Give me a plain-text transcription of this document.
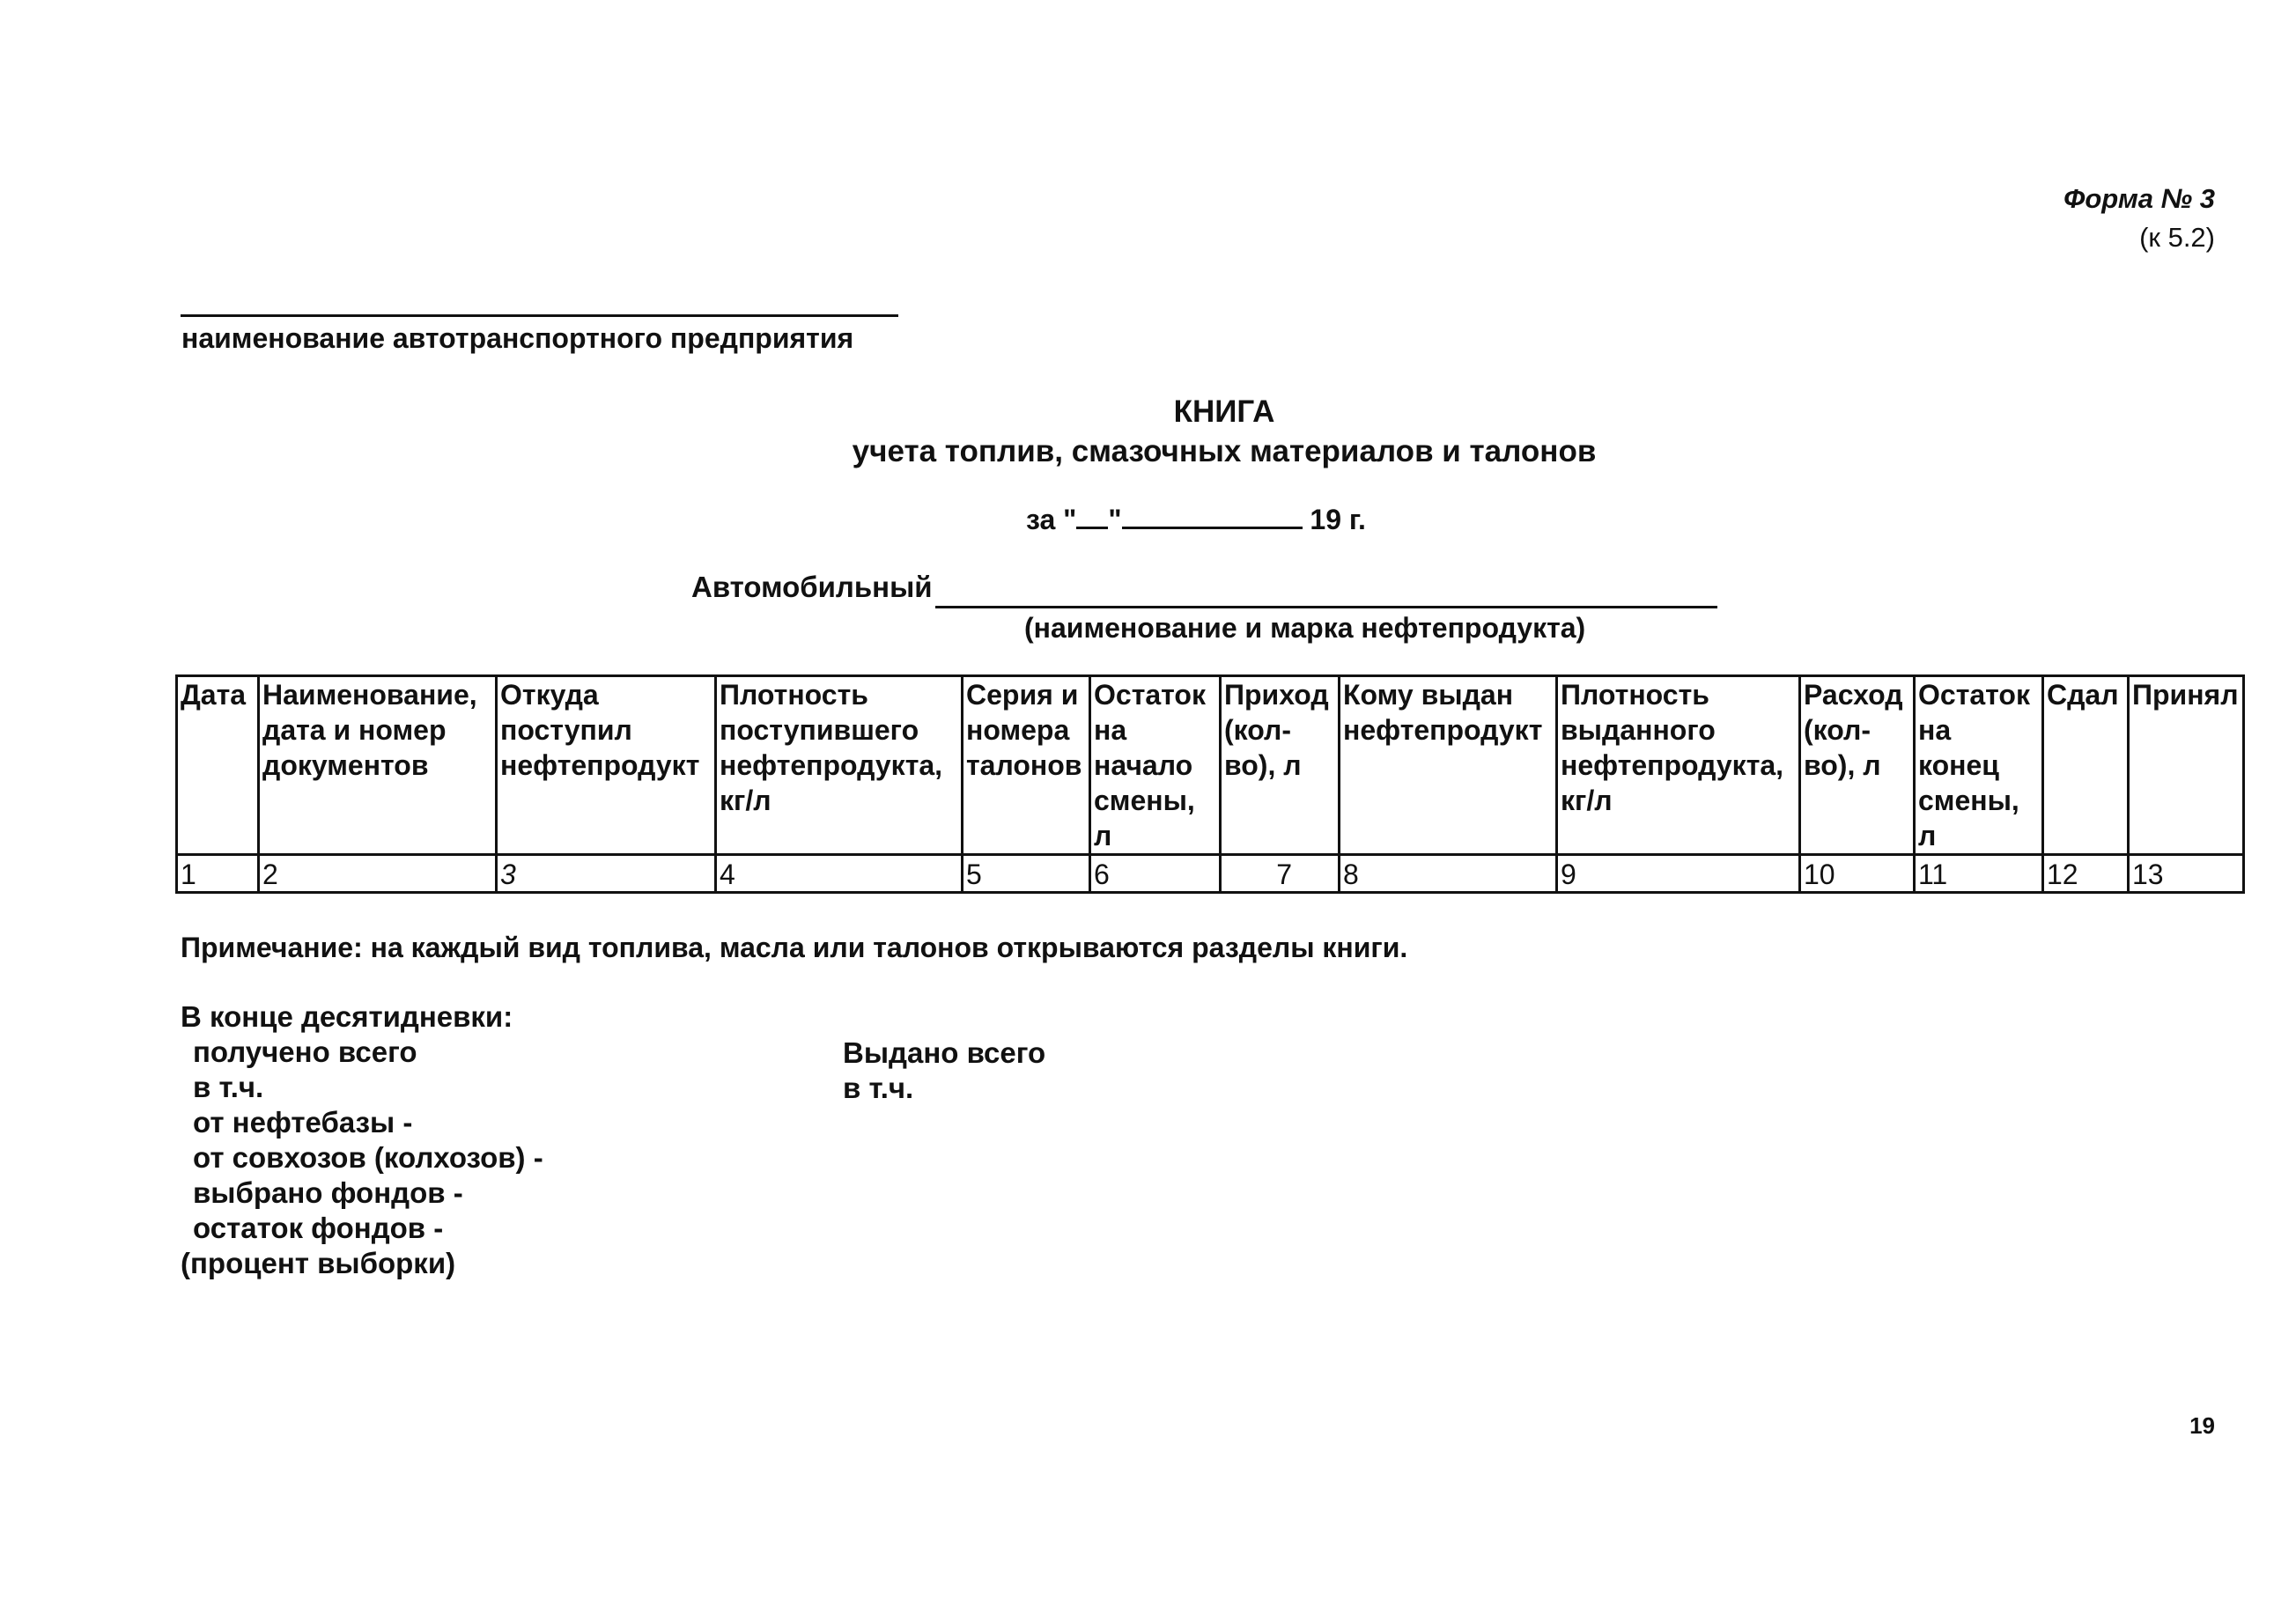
Форма № 3
(к 5.2)
наименование автотранспортного предприятия
КНИГА
учета топлив, смазочных материалов и талонов
за " "	19 г.
Автомобильный
(наименование и марка нефтепродукта)
Дата	Наименование, дата и номер документов	Откуда поступил нефтепродукт	Плотность поступившего нефтепродукта, кг/л	Серия и номера талонов	Остаток на начало смены, л	Приход (кол-во), л	Кому выдан нефтепродукт	Плотность выданного нефтепродукта, кг/л	Расход (кол-во), л	Остаток на конец смены, л	Сдал	Принял
1	2	3	4	5	6	7	8	9	10	11	12	13
Примечание: на каждый вид топлива, масла или талонов открываются разделы книги.
В конце десятидневки:
получено всего
в т.ч.
от нефтебазы -
от совхозов (колхозов) -
выбрано фондов -
остаток фондов -
(процент выборки)
Выдано всего
в т.ч.
19
